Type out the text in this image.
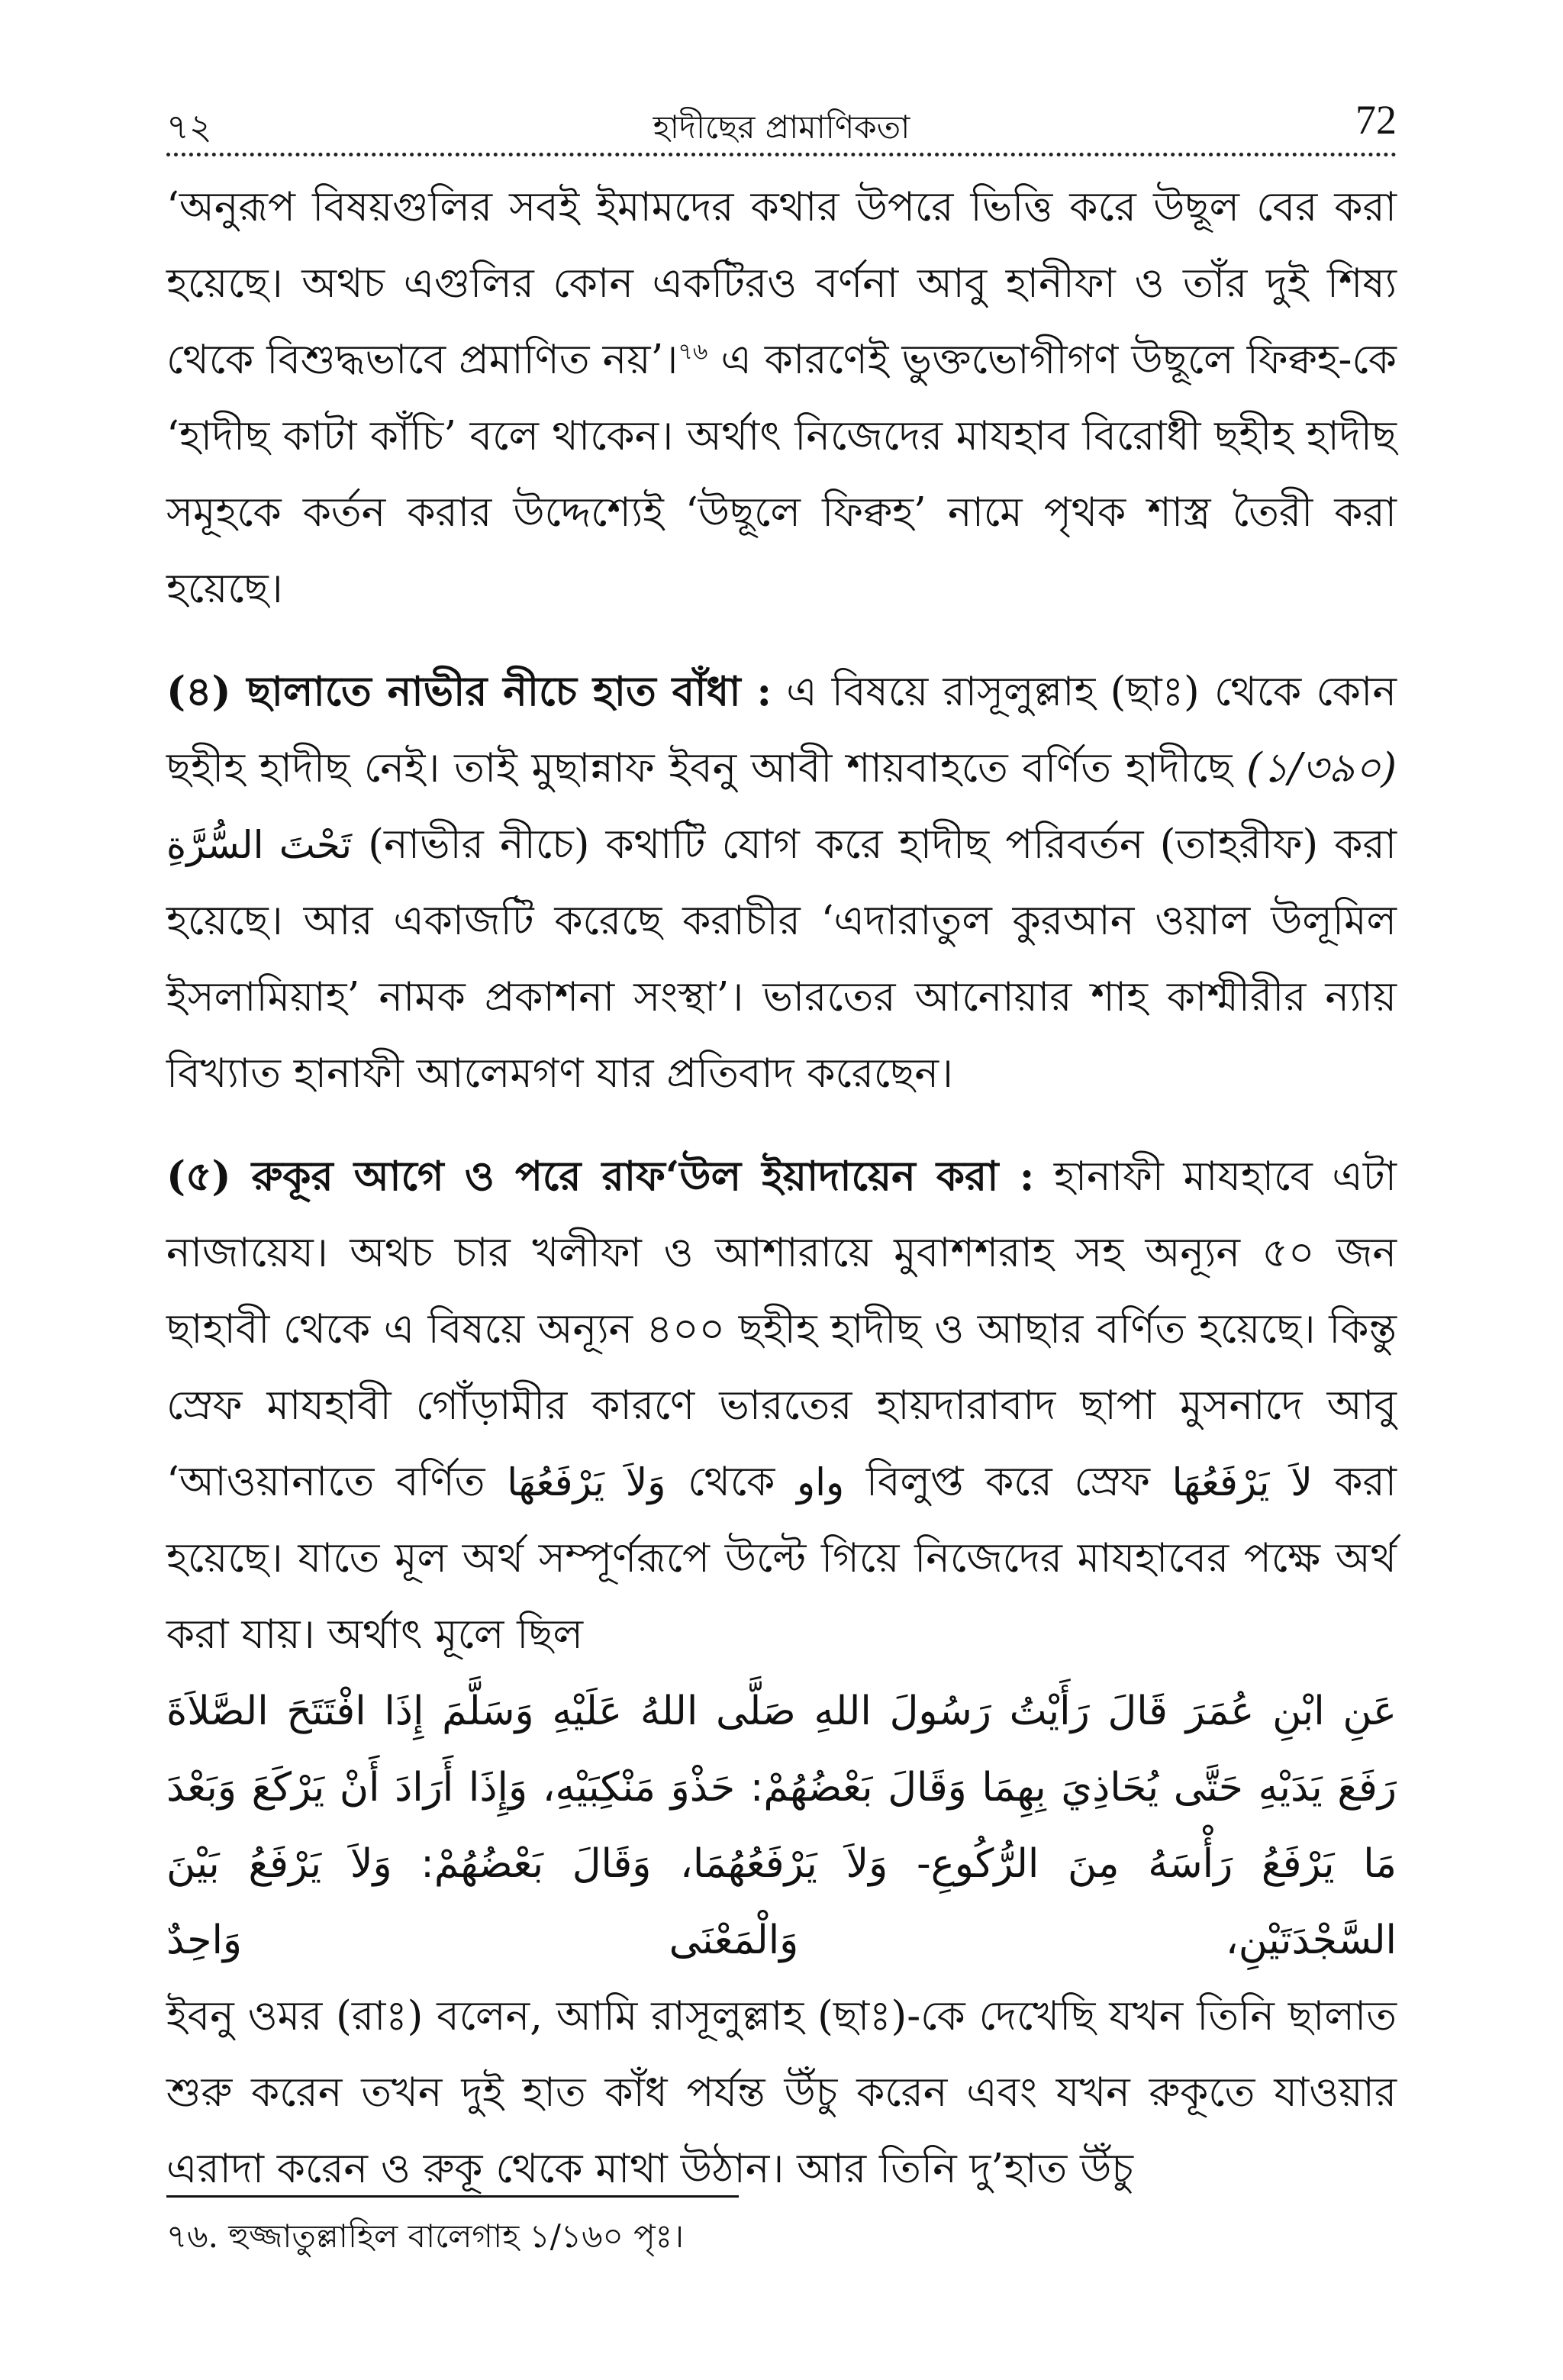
৭২	হাদীছের প্রামাণিকতা	72

‘অনুরূপ বিষয়গুলির সবই ইমামদের কথার উপরে ভিত্তি করে উছূল বের করা হয়েছে। অথচ এগুলির কোন একটিরও বর্ণনা আবু হানীফা ও তাঁর দুই শিষ্য থেকে বিশুদ্ধভাবে প্রমাণিত নয়’।$^{৭৬}$ এ কারণেই ভুক্তভোগীগণ উছূলে ফিক্বহ-কে ‘হাদীছ কাটা কাঁচি’ বলে থাকেন। অর্থাৎ নিজেদের মাযহাব বিরোধী ছহীহ হাদীছ সমূহকে কর্তন করার উদ্দেশ্যেই ‘উছূলে ফিক্বহ’ নামে পৃথক শাস্ত্র তৈরী করা হয়েছে।

(৪) ছালাতে নাভীর নীচে হাত বাঁধা : এ বিষয়ে রাসূলুল্লাহ (ছাঃ) থেকে কোন ছহীহ হাদীছ নেই। তাই মুছান্নাফ ইবনু আবী শায়বাহতে বর্ণিত হাদীছে (১/৩৯০) تَحْتَ السُّرَّةِ (নাভীর নীচে) কথাটি যোগ করে হাদীছ পরিবর্তন (তাহরীফ) করা হয়েছে। আর একাজটি করেছে করাচীর ‘এদারাতুল কুরআন ওয়াল উলূমিল ইসলামিয়াহ’ নামক প্রকাশনা সংস্থা’। ভারতের আনোয়ার শাহ কাশ্মীরীর ন্যায় বিখ্যাত হানাফী আলেমগণ যার প্রতিবাদ করেছেন।

(৫) রুকূর আগে ও পরে রাফ‘উল ইয়াদায়েন করা : হানাফী মাযহাবে এটা নাজায়েয। অথচ চার খলীফা ও আশারায়ে মুবাশশরাহ সহ অন্যূন ৫০ জন ছাহাবী থেকে এ বিষয়ে অন্যূন ৪০০ ছহীহ হাদীছ ও আছার বর্ণিত হয়েছে। কিন্তু স্রেফ মাযহাবী গোঁড়ামীর কারণে ভারতের হায়দারাবাদ ছাপা মুসনাদে আবু ‘আওয়ানাতে বর্ণিত وَلاَ يَرْفَعُهَا থেকে واو বিলুপ্ত করে স্রেফ لاَ يَرْفَعُهَا করা হয়েছে। যাতে মূল অর্থ সম্পূর্ণরূপে উল্টে গিয়ে নিজেদের মাযহাবের পক্ষে অর্থ করা যায়। অর্থাৎ মূলে ছিল
عَنِ ابْنِ عُمَرَ قَالَ رَأَيْتُ رَسُولَ اللهِ صَلَّى اللهُ عَلَيْهِ وَسَلَّمَ إِذَا افْتَتَحَ الصَّلاَةَ رَفَعَ يَدَيْهِ حَتَّى يُحَاذِيَ بِهِمَا وَقَالَ بَعْضُهُمْ: حَذْوَ مَنْكِبَيْهِ، وَإِذَا أَرَادَ أَنْ يَرْكَعَ وَبَعْدَ مَا يَرْفَعُ رَأْسَهُ مِنَ الرُّكُوعِ- وَلاَ يَرْفَعُهُمَا، وَقَالَ بَعْضُهُمْ: وَلاَ يَرْفَعُ بَيْنَ السَّجْدَتَيْنِ، وَالْمَعْنَى وَاحِدٌ
ইবনু ওমর (রাঃ) বলেন, আমি রাসূলুল্লাহ (ছাঃ)-কে দেখেছি যখন তিনি ছালাত শুরু করেন তখন দুই হাত কাঁধ পর্যন্ত উঁচু করেন এবং যখন রুকূতে যাওয়ার এরাদা করেন ও রুকূ থেকে মাথা উঠান। আর তিনি দু’হাত উঁচু

৭৬. হুজ্জাতুল্লাহিল বালেগাহ ১/১৬০ পৃঃ।
